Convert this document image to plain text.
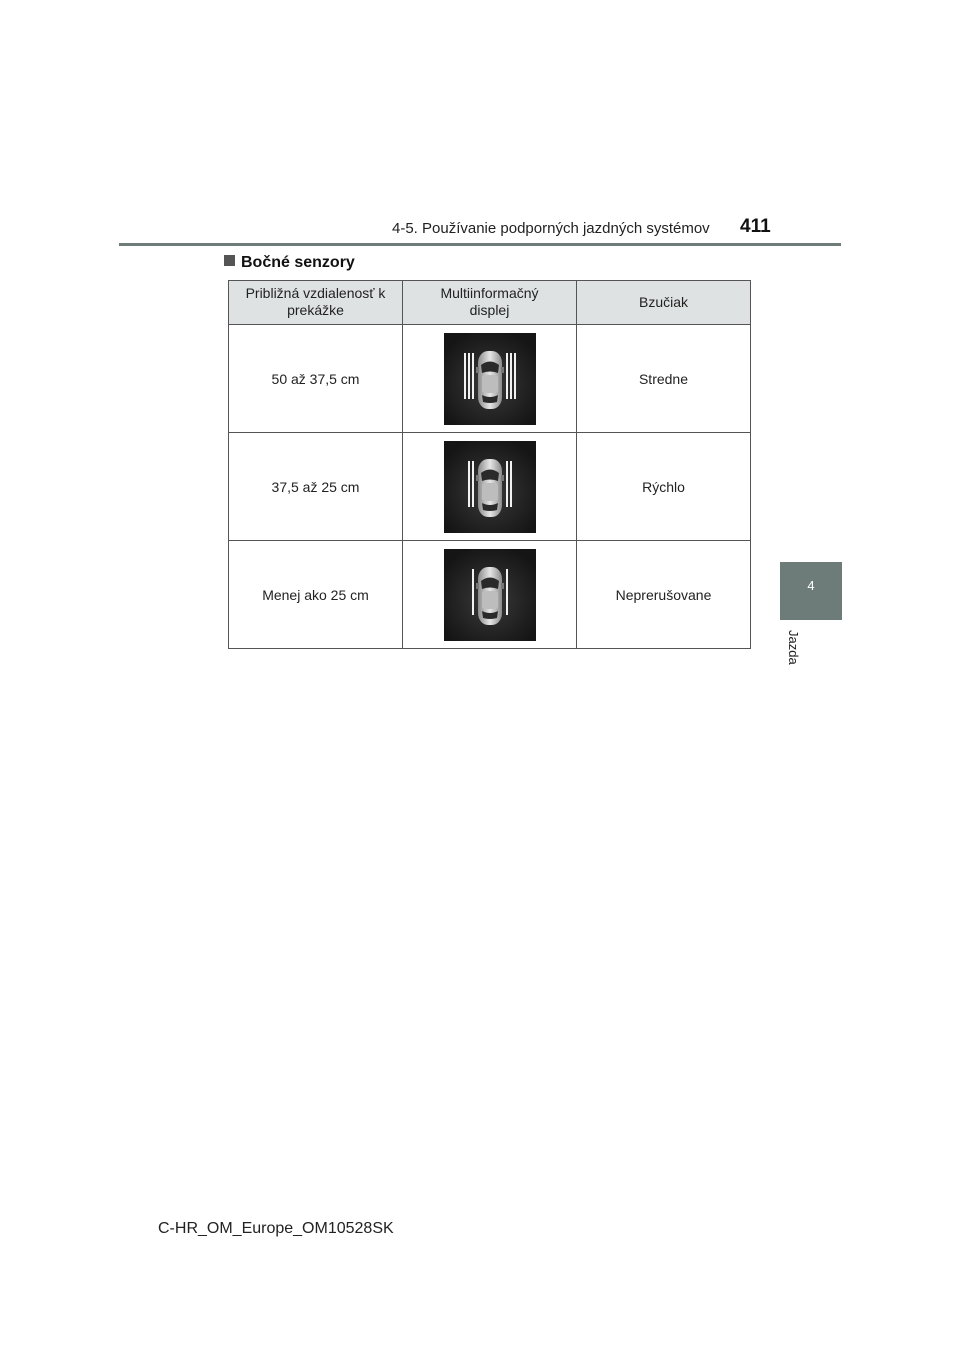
4-5. Používanie podporných jazdných systémov 411
4
Jazda
Bočné senzory
Približná vzdialenosť k prekážke	Multiinformačný displej	Bzučiak
50 až 37,5 cm		Stredne
37,5 až 25 cm		Rýchlo
Menej ako 25 cm		Neprerušovane
C-HR_OM_Europe_OM10528SK
